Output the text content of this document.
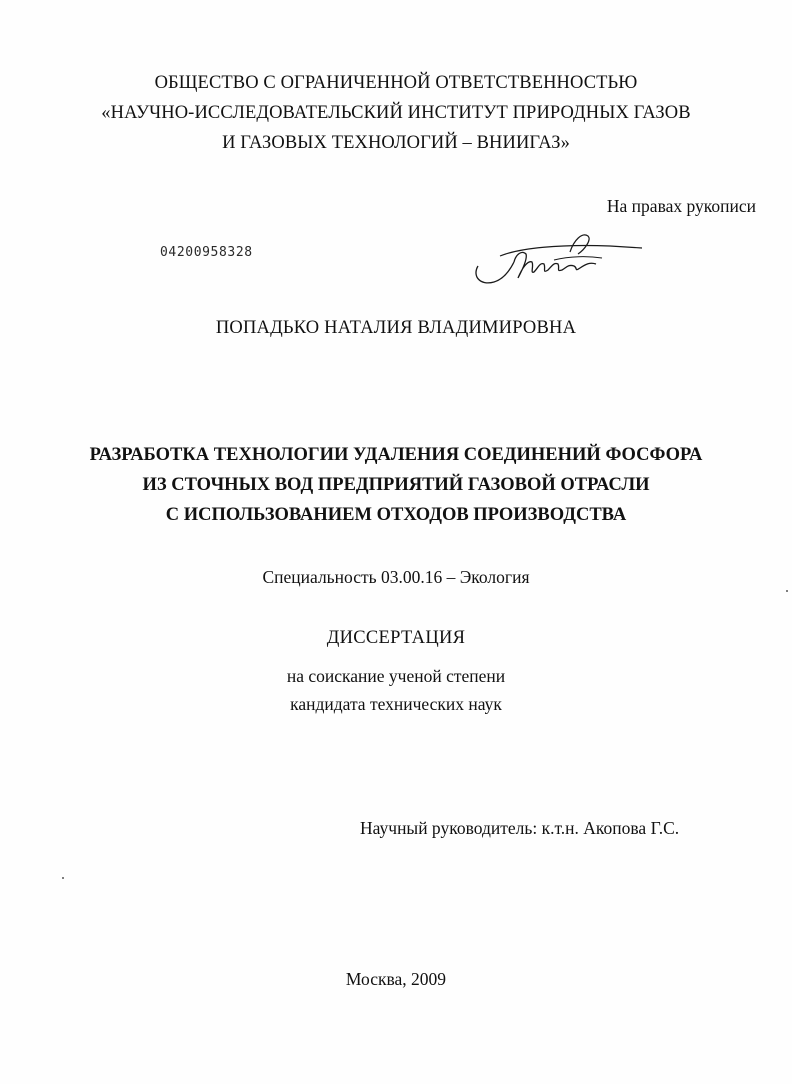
ОБЩЕСТВО С ОГРАНИЧЕННОЙ ОТВЕТСТВЕННОСТЬЮ
«НАУЧНО-ИССЛЕДОВАТЕЛЬСКИЙ ИНСТИТУТ ПРИРОДНЫХ ГАЗОВ
И ГАЗОВЫХ ТЕХНОЛОГИЙ – ВНИИГАЗ»
На правах рукописи
04200958328
ПОПАДЬКО НАТАЛИЯ ВЛАДИМИРОВНА
РАЗРАБОТКА ТЕХНОЛОГИИ УДАЛЕНИЯ СОЕДИНЕНИЙ ФОСФОРА
ИЗ СТОЧНЫХ ВОД ПРЕДПРИЯТИЙ ГАЗОВОЙ ОТРАСЛИ
С ИСПОЛЬЗОВАНИЕМ ОТХОДОВ ПРОИЗВОДСТВА
Специальность 03.00.16 – Экология
ДИССЕРТАЦИЯ
на соискание ученой степени
кандидата технических наук
Научный руководитель: к.т.н. Акопова Г.С.
Москва, 2009
